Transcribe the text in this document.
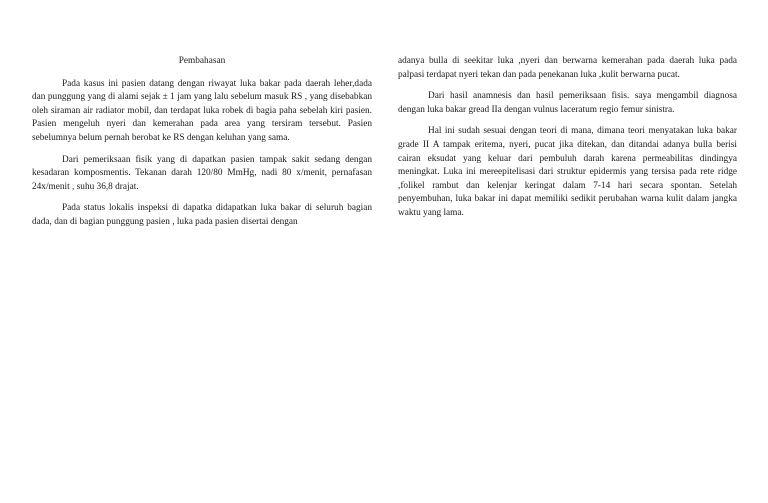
Pembahasan

Pada kasus ini pasien datang dengan riwayat luka bakar pada daerah leher,dada dan punggung yang di alami sejak ± 1 jam yang lalu sebelum masuk RS , yang disebabkan oleh siraman air radiator mobil, dan terdapat luka robek di bagia paha sebelah kiri pasien. Pasien mengeluh nyeri dan kemerahan pada area yang tersiram tersebut. Pasien sebelumnya belum pernah berobat ke RS dengan keluhan yang sama.

Dari pemeriksaan fisik yang di dapatkan pasien tampak sakit sedang dengan kesadaran komposmentis. Tekanan darah 120/80 MmHg, nadi 80 x/menit, pernafasan 24x/menit , suhu 36,8 drajat.

Pada status lokalis inspeksi di dapatka didapatkan luka bakar di seluruh bagian dada, dan di bagian punggung pasien , luka pada pasien disertai dengan

adanya bulla di seekitar luka ,nyeri dan berwarna kemerahan pada daerah luka pada palpasi terdapat nyeri tekan dan pada penekanan luka ,kulit berwarna pucat.

Dari hasil anamnesis dan hasil pemeriksaan fisis. saya mengambil diagnosa dengan luka bakar gread IIa dengan vulnus laceratum regio femur sinistra.

Hal ini sudah sesuai dengan teori di mana, dimana teori menyatakan luka bakar grade II A tampak eritema, nyeri, pucat jika ditekan, dan ditandai adanya bulla berisi cairan eksudat yang keluar dari pembuluh darah karena permeabilitas dindingya meningkat. Luka ini mereepitelisasi dari struktur epidermis yang tersisa pada rete ridge ,folikel rambut dan kelenjar keringat dalam 7-14 hari secara spontan. Setelah penyembuhan, luka bakar ini dapat memiliki sedikit perubahan warna kulit dalam jangka waktu yang lama.
